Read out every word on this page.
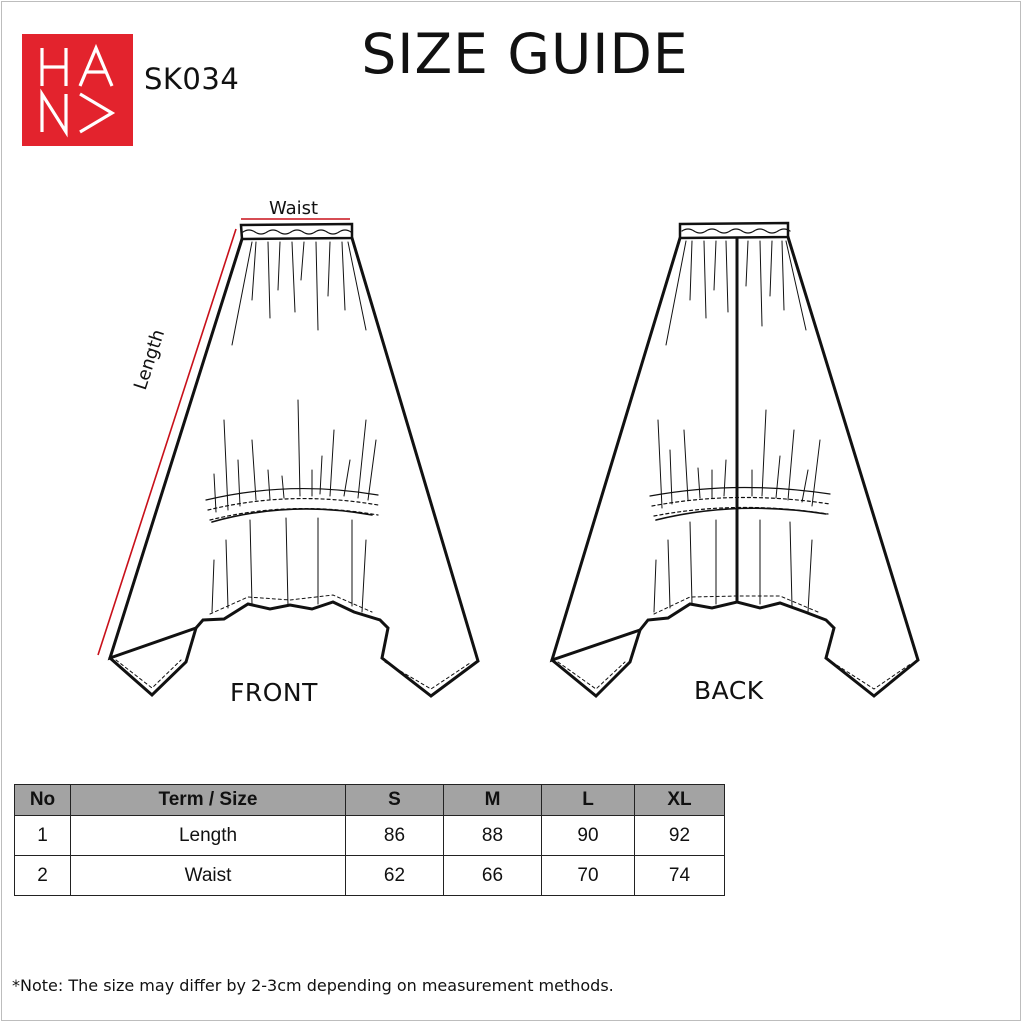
SK034	SIZE GUIDE
Waist
Length
FRONT	BACK
No	Term / Size	S	M	L	XL
1	Length	86	88	90	92
2	Waist	62	66	70	74
*Note: The size may differ by 2-3cm depending on measurement methods.
